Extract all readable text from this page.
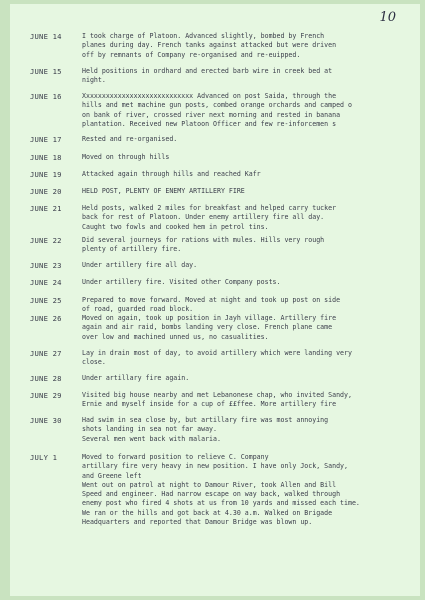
10
JUNE 14	I took charge of Platoon. Advanced slightly, bombed by French
planes during day. French tanks against attacked but were driven
off by remnants of Company re-organised and re-euipped.
JUNE 15	Held positions in ordhard and erected barb wire in creek bed at
night.
JUNE 16	Xxxxxxxxxxxxxxxxxxxxxxxxxxxx Advanced on post Saida, through the
hills and met machine gun posts, combed orange orchards and camped o
on bank of river, crossed river next morning and rested in banana
plantation. Received new Platoon Officer and few re-inforcemen s
JUNE 17	Rested and re-organised.
JUNE 18	Moved on through hills
JUNE 19	Attacked again through hills and reached Kafr
JUNE 20	HELD POST, PLENTY OF ENEMY ARTILLERY FIRE
JUNE 21	Held posts, walked 2 miles for breakfast and helped carry tucker
back for rest of Platoon. Under enemy artillery fire all day.
Caught two fowls and cooked hem in petrol tins.
JUNE 22	Did several journeys for rations with mules. Hills very rough
plenty of artillery fire.
JUNE 23	Under artillery fire all day.
JUNE 24	Under artillery fire. Visited other Company posts.
JUNE 25	Prepared to move forward. Moved at night and took up post on side
of road, guarded road block.
JUNE 26	Moved on again, took up position in Jayh village. Artillery fire
again and air raid, bombs landing very close. French plane came
over low and machined unned us, no casualities.
JUNE 27	Lay in drain most of day, to avoid artillery which were landing very
close.
JUNE 28	Under artillary fire again.
JUNE 29	Visited big house nearby and met Lebanonese chap, who invited Sandy,
Ernie and myself inside for a cup of ££ffee. More artillery fire
JUNE 30	Had swim in sea close by, but artillary fire was most annoying
shots landing in sea not far away.
Several men went back with malaria.
JULY 1	Moved to forward position to relieve C. Company
artillary fire very heavy in new position. I have only Jock, Sandy,
and Greene left
Went out on patrol at night to Damour River, took Allen and Bill
Speed and engineer. Had narrow escape on way back, walked through
enemy post who fired 4 shots at us from 10 yards and missed each time.
We ran or the hills and got back at 4.30 a.m. Walked on Brigade
Headquarters and reported that Damour Bridge was blown up.
